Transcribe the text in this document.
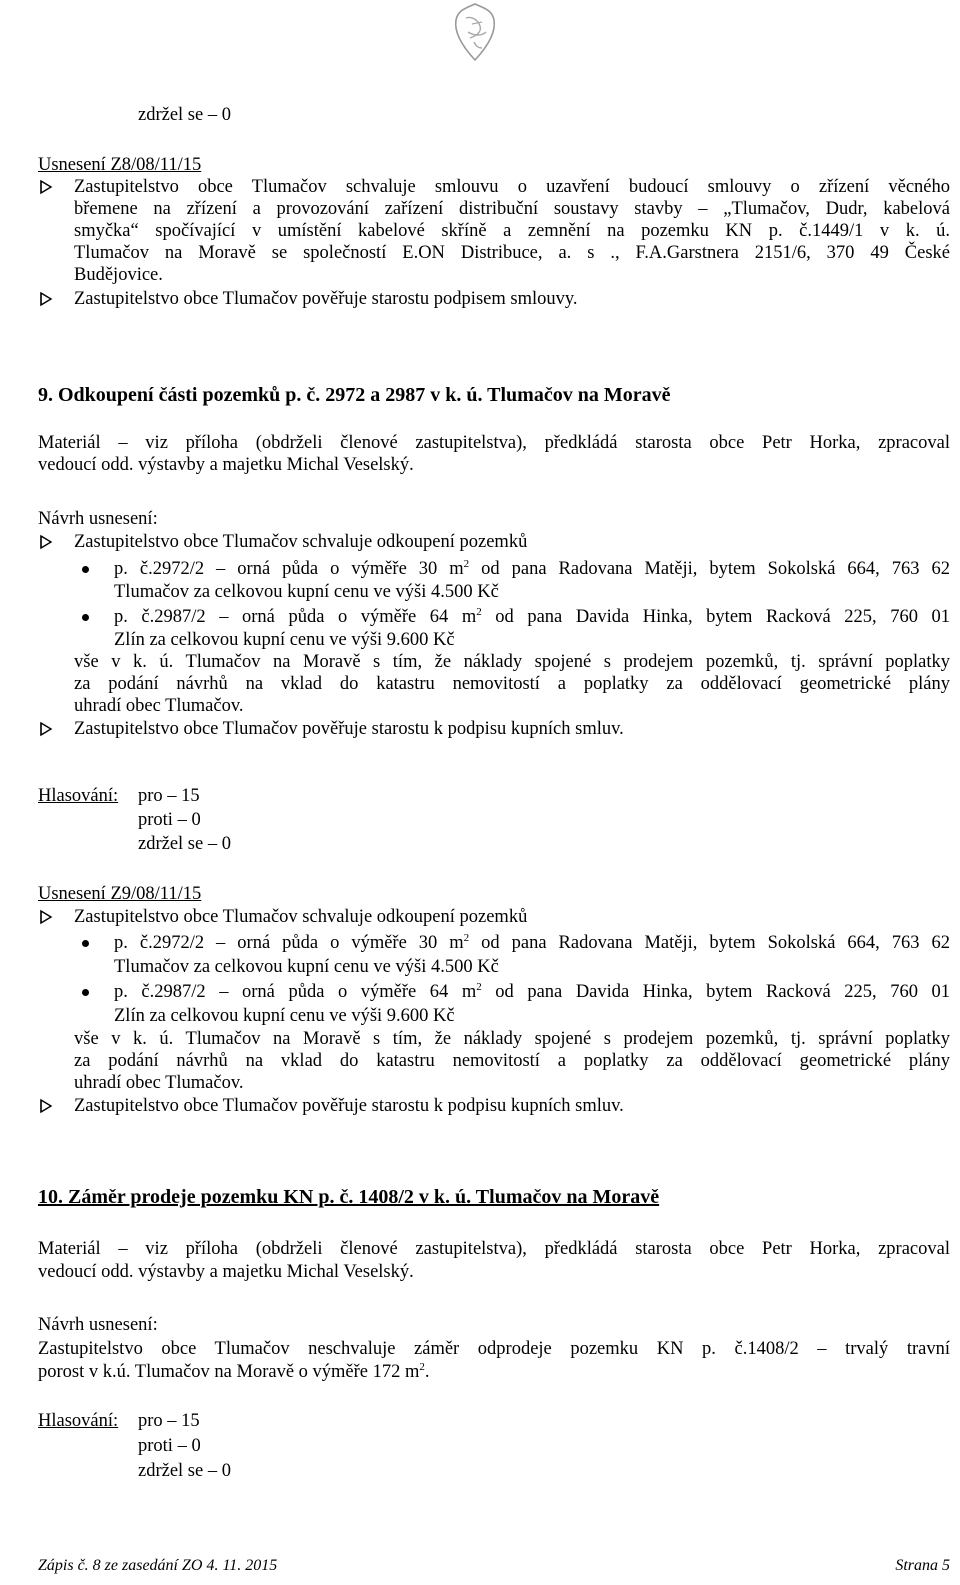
zdržel se – 0
Usnesení Z8/08/11/15
Zastupitelstvo obce Tlumačov schvaluje smlouvu o uzavření budoucí smlouvy o zřízení věcného
břemene na zřízení a provozování zařízení distribuční soustavy stavby – „Tlumačov, Dudr, kabelová
smyčka“ spočívající v umístění kabelové skříně a zemnění na pozemku KN p. č.1449/1 v k. ú.
Tlumačov na Moravě se společností E.ON Distribuce, a. s ., F.A.Garstnera 2151/6, 370 49 České
Budějovice.
Zastupitelstvo obce Tlumačov pověřuje starostu podpisem smlouvy.
9. Odkoupení části pozemků p. č. 2972 a 2987 v k. ú. Tlumačov na Moravě
Materiál – viz příloha (obdrželi členové zastupitelstva), předkládá starosta obce Petr Horka, zpracoval
vedoucí odd. výstavby a majetku Michal Veselský.
Návrh usnesení:
Zastupitelstvo obce Tlumačov schvaluje odkoupení pozemků
p. č.2972/2 – orná půda o výměře 30 $m^2$ od pana Radovana Matěji, bytem Sokolská 664, 763 62
Tlumačov za celkovou kupní cenu ve výši 4.500 Kč
p. č.2987/2 – orná půda o výměře 64 $m^2$ od pana Davida Hinka, bytem Racková 225, 760 01
Zlín za celkovou kupní cenu ve výši 9.600 Kč
vše v k. ú. Tlumačov na Moravě s tím, že náklady spojené s prodejem pozemků, tj. správní poplatky
za podání návrhů na vklad do katastru nemovitostí a poplatky za oddělovací geometrické plány
uhradí obec Tlumačov.
Zastupitelstvo obce Tlumačov pověřuje starostu k podpisu kupních smluv.
Hlasování: pro – 15
proti – 0
zdržel se – 0
Usnesení Z9/08/11/15
Zastupitelstvo obce Tlumačov schvaluje odkoupení pozemků
p. č.2972/2 – orná půda o výměře 30 $m^2$ od pana Radovana Matěji, bytem Sokolská 664, 763 62
Tlumačov za celkovou kupní cenu ve výši 4.500 Kč
p. č.2987/2 – orná půda o výměře 64 $m^2$ od pana Davida Hinka, bytem Racková 225, 760 01
Zlín za celkovou kupní cenu ve výši 9.600 Kč
vše v k. ú. Tlumačov na Moravě s tím, že náklady spojené s prodejem pozemků, tj. správní poplatky
za podání návrhů na vklad do katastru nemovitostí a poplatky za oddělovací geometrické plány
uhradí obec Tlumačov.
Zastupitelstvo obce Tlumačov pověřuje starostu k podpisu kupních smluv.
10. Záměr prodeje pozemku KN p. č. 1408/2 v k. ú. Tlumačov na Moravě
Materiál – viz příloha (obdrželi členové zastupitelstva), předkládá starosta obce Petr Horka, zpracoval
vedoucí odd. výstavby a majetku Michal Veselský.
Návrh usnesení:
Zastupitelstvo obce Tlumačov neschvaluje záměr odprodeje pozemku KN p. č.1408/2 – trvalý travní
porost v k.ú. Tlumačov na Moravě o výměře 172 $m^2$.
Hlasování: pro – 15
proti – 0
zdržel se – 0
Zápis č. 8 ze zasedání ZO 4. 11. 2015	Strana 5
